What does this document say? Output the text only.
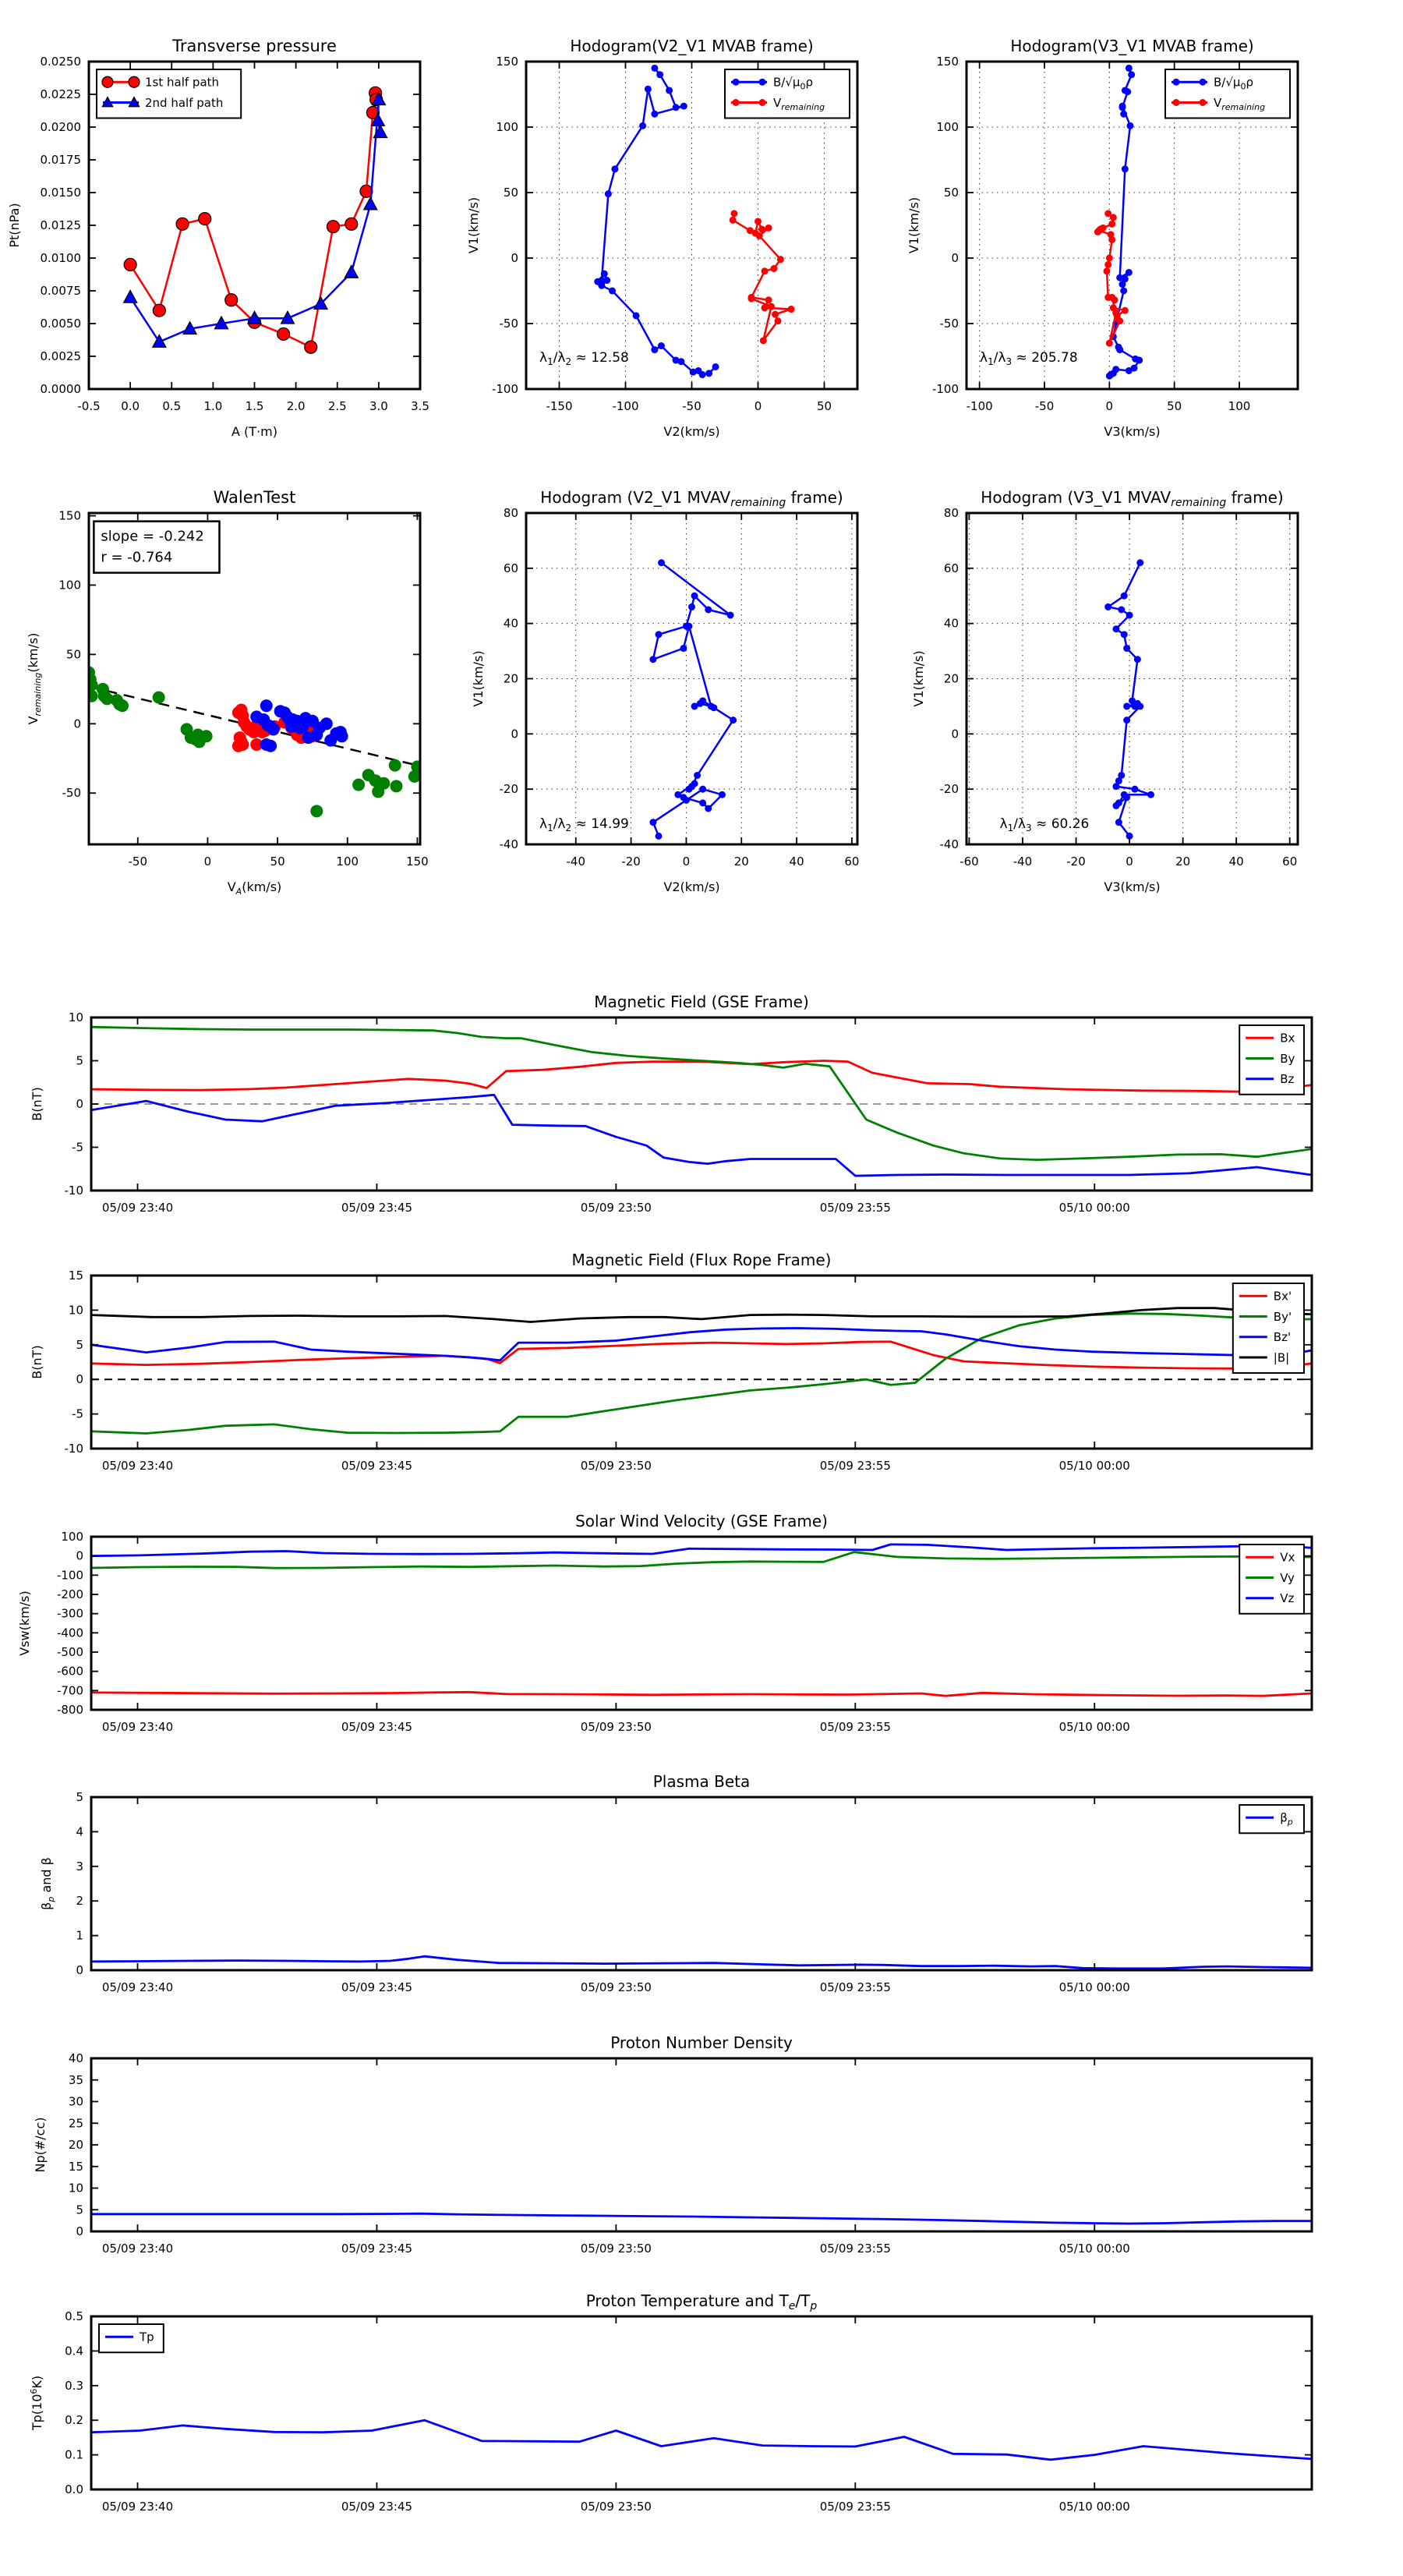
-0.5 0.0 0.5 1.0 1.5 2.0 2.5 3.0 3.5
0.0000
0.0025
0.0050
0.0075
0.0100
0.0125
0.0150
0.0175
0.0200
0.0225
0.0250
Transverse pressure
A (T·m)
Pt(nPa)
1st half path
2nd half path
-150	-100	-50	0	50
-100
-50
0
50
100
150
Hodogram(V2_V1 MVAB frame)
V2(km/s)
V1(km/s)
$B/√\mu_0\rho$
$V_{remaining}$
$\lambda_1/\lambda_2 \approx 12.58$
-100	-50	0	50	100
-100
-50
0
50
100
150
Hodogram(V3_V1 MVAB frame)
V3(km/s)
V1(km/s)
$B/√\mu_0\rho$
$V_{remaining}$
$\lambda_1/\lambda_3 \approx 205.78$
-50	0	50	100	150
-50
0
50
100
150
WalenTest
$V_A(km/s)$
$V_{remaining}(km/s)$
slope = -0.242
r = -0.764
-40	-20	0	20	40	60
-40
-20
0
20
40
60
80
Hodogram (V2_V1 $MVAV_{remaining}$ frame)
V2(km/s)
V1(km/s)
$\lambda_1/\lambda_2 \approx 14.99$
-60	-40	-20	0	20	40	60
-40
-20
0
20
40
60
80
Hodogram (V3_V1 $MVAV_{remaining}$ frame)
V3(km/s)
V1(km/s)
$\lambda_1/\lambda_3 \approx 60.26$
05/09 23:40	05/09 23:45	05/09 23:50	05/09 23:55	05/10 00:00
-10
-5
0
5
10
Magnetic Field (GSE Frame)
B(nT)
Bx
By
Bz
05/09 23:40	05/09 23:45	05/09 23:50	05/09 23:55	05/10 00:00
-10
-5
0
5
10
15
Magnetic Field (Flux Rope Frame)
B(nT)
Bx'
By'
Bz'
|B|
05/09 23:40	05/09 23:45	05/09 23:50	05/09 23:55	05/10 00:00
-800
-700
-600
-500
-400
-300
-200
-100
0
100
Solar Wind Velocity (GSE Frame)
Vsw(km/s)
Vx
Vy
Vz
05/09 23:40	05/09 23:45	05/09 23:50	05/09 23:55	05/10 00:00
0
1
2
3
4
5
Plasma Beta
$\beta_p$ and β
$\beta_p$
05/09 23:40	05/09 23:45	05/09 23:50	05/09 23:55	05/10 00:00
0
5
10
15
20
25
30
35
40
Proton Number Density
Np(#/cc)
05/09 23:40	05/09 23:45	05/09 23:50	05/09 23:55	05/10 00:00
0.0
0.1
0.2
0.3
0.4
0.5
Proton Temperature and $T_e/T_p$
$Tp(10^6K)$
Tp
